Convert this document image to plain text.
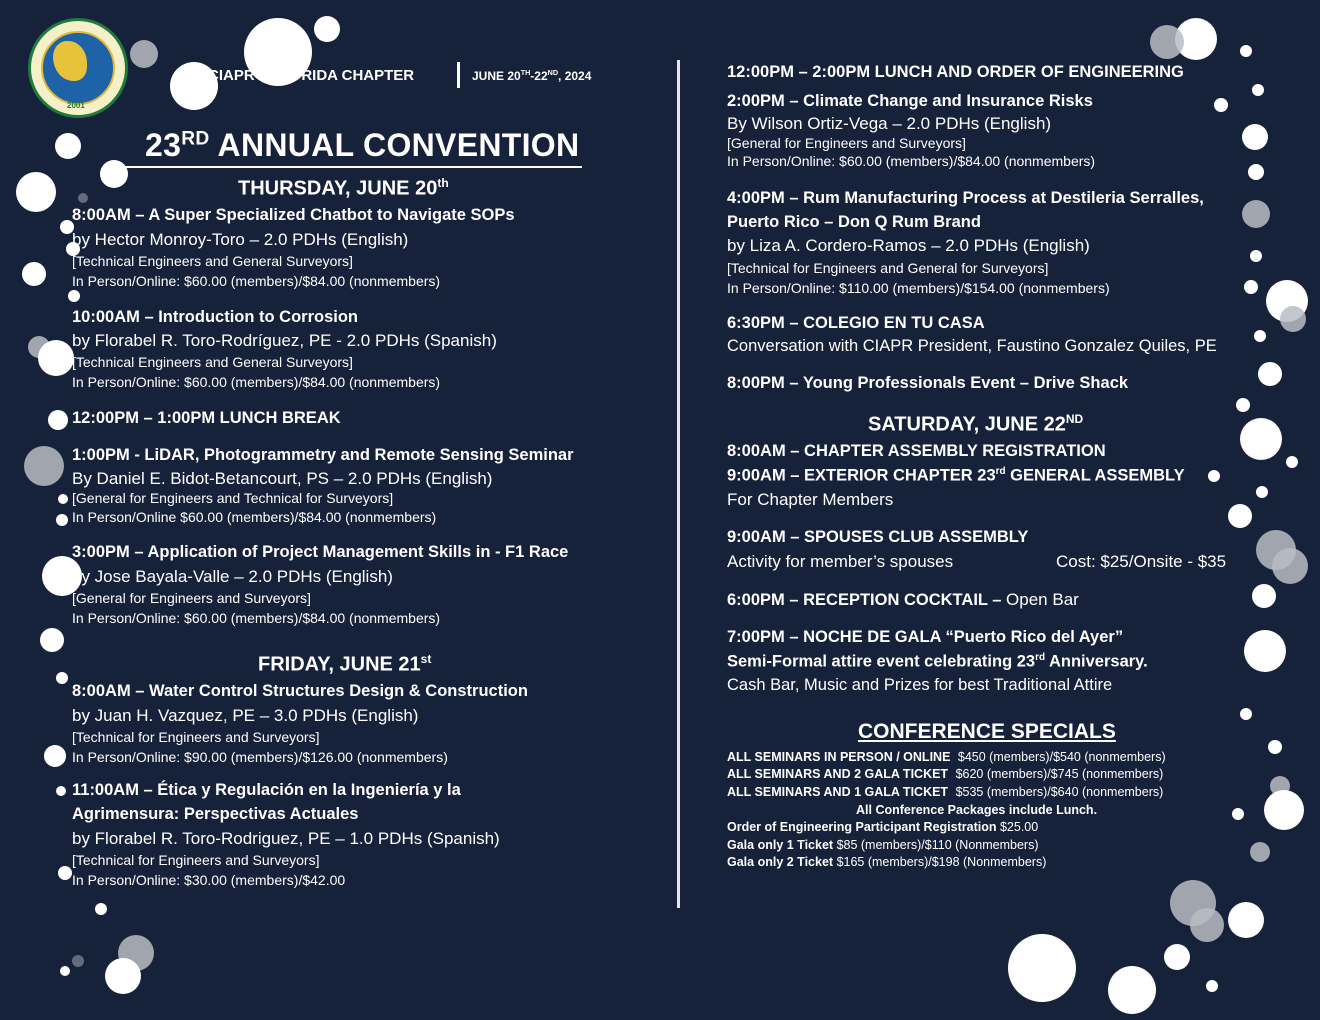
2001
CIAPR – FLORIDA CHAPTER	JUNE 20TH-22ND, 2024
23RD ANNUAL CONVENTION
THURSDAY, JUNE 20th
8:00AM – A Super Specialized Chatbot to Navigate SOPs
by Hector Monroy-Toro – 2.0 PDHs (English)
[Technical Engineers and General Surveyors]
In Person/Online: $60.00 (members)/$84.00 (nonmembers)
10:00AM – Introduction to Corrosion
by Florabel R. Toro-Rodríguez, PE - 2.0 PDHs (Spanish)
[Technical Engineers and General Surveyors]
In Person/Online: $60.00 (members)/$84.00 (nonmembers)
12:00PM – 1:00PM LUNCH BREAK
1:00PM - LiDAR, Photogrammetry and Remote Sensing Seminar
By Daniel E. Bidot-Betancourt, PS – 2.0 PDHs (English)
[General for Engineers and Technical for Surveyors]
In Person/Online $60.00 (members)/$84.00 (nonmembers)
3:00PM – Application of Project Management Skills in - F1 Race
by Jose Bayala-Valle – 2.0 PDHs (English)
[General for Engineers and Surveyors]
In Person/Online: $60.00 (members)/$84.00 (nonmembers)
FRIDAY, JUNE 21st
8:00AM – Water Control Structures Design & Construction
by Juan H. Vazquez, PE – 3.0 PDHs (English)
[Technical for Engineers and Surveyors]
In Person/Online: $90.00 (members)/$126.00 (nonmembers)
11:00AM – Ética y Regulación en la Ingeniería y la
Agrimensura: Perspectivas Actuales
by Florabel R. Toro-Rodriguez, PE – 1.0 PDHs (Spanish)
[Technical for Engineers and Surveyors]
In Person/Online: $30.00 (members)/$42.00
12:00PM – 2:00PM LUNCH AND ORDER OF ENGINEERING
2:00PM – Climate Change and Insurance Risks
By Wilson Ortiz-Vega – 2.0 PDHs (English)
[General for Engineers and Surveyors]
In Person/Online: $60.00 (members)/$84.00 (nonmembers)
4:00PM – Rum Manufacturing Process at Destileria Serralles,
Puerto Rico – Don Q Rum Brand
by Liza A. Cordero-Ramos – 2.0 PDHs (English)
[Technical for Engineers and General for Surveyors]
In Person/Online: $110.00 (members)/$154.00 (nonmembers)
6:30PM – COLEGIO EN TU CASA
Conversation with CIAPR President, Faustino Gonzalez Quiles, PE
8:00PM – Young Professionals Event – Drive Shack
SATURDAY, JUNE 22ND
8:00AM – CHAPTER ASSEMBLY REGISTRATION
9:00AM – EXTERIOR CHAPTER 23rd GENERAL ASSEMBLY
For Chapter Members
9:00AM – SPOUSES CLUB ASSEMBLY
Activity for member’s spouses	Cost: $25/Onsite - $35
6:00PM – RECEPTION COCKTAIL – Open Bar
7:00PM – NOCHE DE GALA “Puerto Rico del Ayer”
Semi-Formal attire event celebrating 23rd Anniversary.
Cash Bar, Music and Prizes for best Traditional Attire
CONFERENCE SPECIALS
ALL SEMINARS IN PERSON / ONLINE $450 (members)/$540 (nonmembers)
ALL SEMINARS AND 2 GALA TICKET $620 (members)/$745 (nonmembers)
ALL SEMINARS AND 1 GALA TICKET $535 (members)/$640 (nonmembers)
All Conference Packages include Lunch.
Order of Engineering Participant Registration $25.00
Gala only 1 Ticket $85 (members)/$110 (Nonmembers)
Gala only 2 Ticket $165 (members)/$198 (Nonmembers)
